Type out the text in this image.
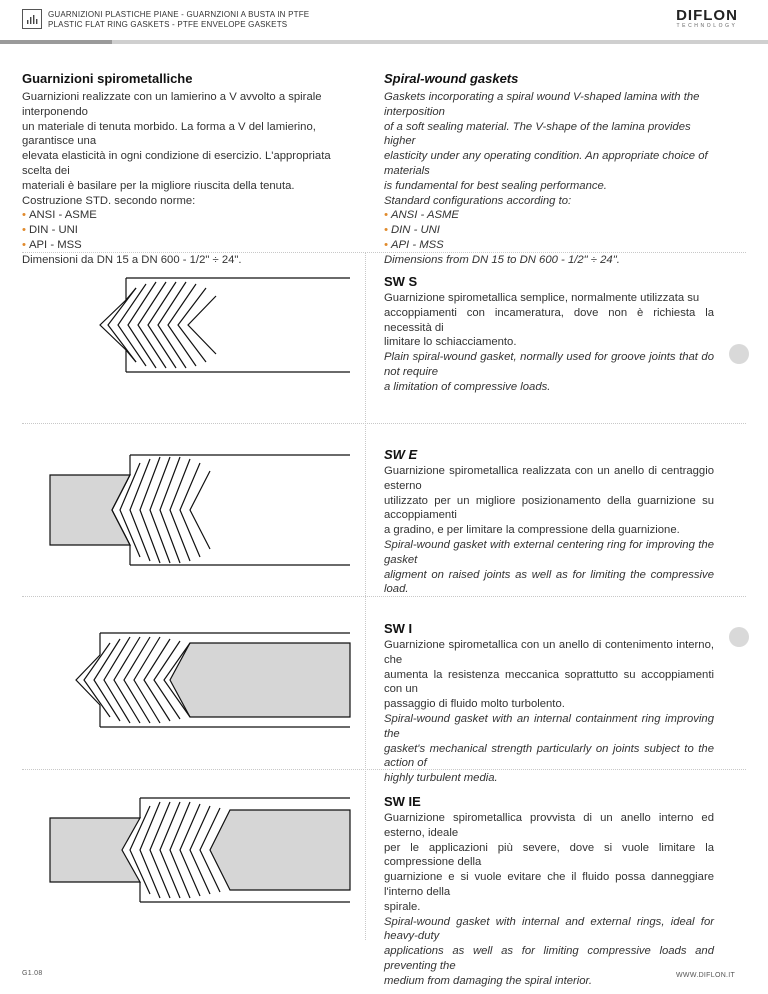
GUARNIZIONI PLASTICHE PIANE - GUARNZIONI A BUSTA IN PTFE
PLASTIC FLAT RING GASKETS - PTFE ENVELOPE GASKETS
DIFLON
TECHNOLOGY
Guarnizioni spirometalliche

Guarnizioni realizzate con un lamierino a V avvolto a spirale interponendo

un materiale di tenuta morbido. La forma a V del lamierino, garantisce una

elevata elasticità in ogni condizione di esercizio. L'appropriata scelta dei

materiali è basilare per la migliore riuscita della tenuta.

Costruzione STD. secondo norme:

• ANSI - ASME

• DIN - UNI

• API - MSS

Dimensioni da DN 15 a DN 600 - 1/2" ÷ 24".

Spiral-wound gaskets

Gaskets incorporating a spiral wound V-shaped lamina with the interposition

of a soft sealing material. The V-shape of the lamina provides higher

elasticity under any operating condition. An appropriate choice of materials

is fundamental for best sealing performance.

Standard configurations according to:

• ANSI - ASME

• DIN - UNI

• API - MSS

Dimensions from DN 15 to DN 600 - 1/2" ÷ 24".

SW S

Guarnizione spirometallica semplice, normalmente utilizzata su

accoppiamenti con incameratura, dove non è richiesta la necessità di

limitare lo schiacciamento.

Plain spiral-wound gasket, normally used for groove joints that do not require

a limitation of compressive loads.

SW E

Guarnizione spirometallica realizzata con un anello di centraggio esterno

utilizzato per un migliore posizionamento della guarnizione su accoppiamenti

a gradino, e per limitare la compressione della guarnizione.

Spiral-wound gasket with external centering ring for improving the gasket

aligment on raised joints as well as for limiting the compressive load.

SW I

Guarnizione spirometallica con un anello di contenimento interno, che

aumenta la resistenza meccanica soprattutto su accoppiamenti con un

passaggio di fluido molto turbolento.

Spiral-wound gasket with an internal containment ring improving the

gasket's mechanical strength particularly on joints subject to the action of

highly turbulent media.

SW IE

Guarnizione spirometallica provvista di un anello interno ed esterno, ideale

per le applicazioni più severe, dove si vuole limitare la compressione della

guarnizione e si vuole evitare che il fluido possa danneggiare l'interno della

spirale.

Spiral-wound gasket with internal and external rings, ideal for heavy-duty

applications as well as for limiting compressive loads and preventing the

medium from damaging the spiral interior.

G1.08	WWW.DIFLON.IT
